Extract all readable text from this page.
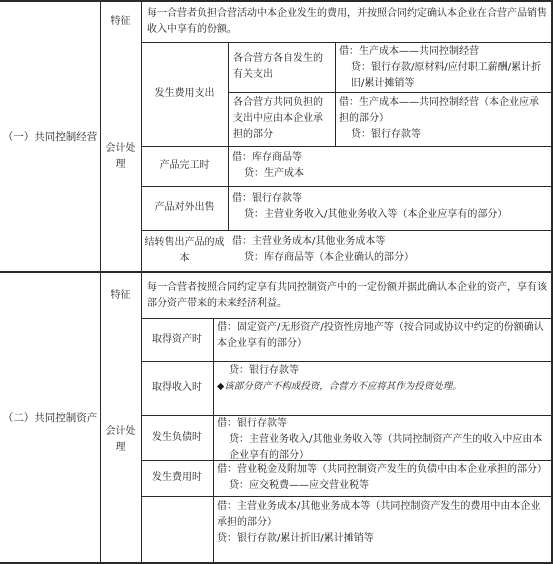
（一）共同控制经营
特征
每一合营者负担合营活动中本企业发生的费用，并按照合同约定确认本企业在合营产品销售收入中享有的份额。
会计处理
发生费用支出
各合营方各自发生的有关支出
借：生产成本——共同控制经营
贷：银行存款/原材料/应付职工薪酬/累计折旧/累计摊销等
各合营方共同负担的支出中应由本企业承担的部分
借：生产成本——共同控制经营（本企业应承担的部分）
贷：银行存款等
产品完工时
借：库存商品等
贷：生产成本
产品对外出售
借：银行存款等
贷：主营业务收入/其他业务收入等（本企业应享有的部分）
结转售出产品的成本
借：主营业务成本/其他业务成本等
贷：库存商品等（本企业确认的部分）
（二）共同控制资产
特征
每一合营者按照合同约定享有共同控制资产中的一定份额并据此确认本企业的资产，享有该部分资产带来的未来经济利益。
会计处理
取得资产时
借：固定资产/无形资产/投资性房地产等（按合同或协议中约定的份额确认本企业享有的部分）
贷：银行存款等
◆该部分资产不构成投资，合营方不应将其作为投资处理。
取得收入时
借：银行存款等
贷：主营业务收入/其他业务收入等（共同控制资产产生的收入中应由本企业享有的部分）
发生负债时
借：营业税金及附加等（共同控制资产发生的负债中由本企业承担的部分）
贷：应交税费——应交营业税等
发生费用时
借：主营业务成本/其他业务成本等（共同控制资产发生的费用中由本企业承担的部分）
贷：银行存款/累计折旧/累计摊销等
